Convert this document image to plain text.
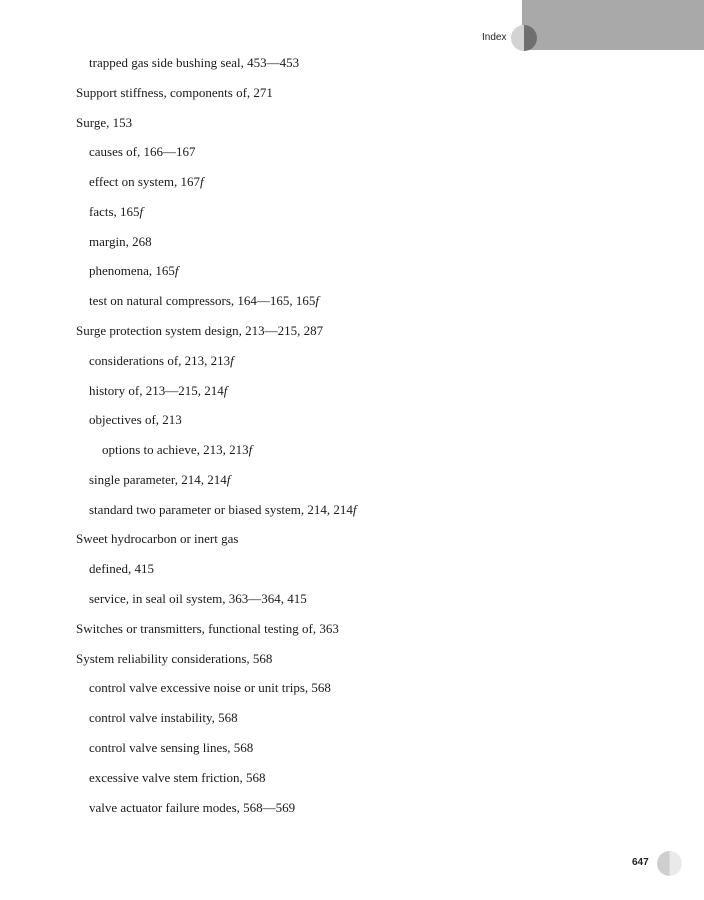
Index
trapped gas side bushing seal, 453—453
Support stiffness, components of, 271
Surge, 153
causes of, 166—167
effect on system, 167f
facts, 165f
margin, 268
phenomena, 165f
test on natural compressors, 164—165, 165f
Surge protection system design, 213—215, 287
considerations of, 213, 213f
history of, 213—215, 214f
objectives of, 213
options to achieve, 213, 213f
single parameter, 214, 214f
standard two parameter or biased system, 214, 214f
Sweet hydrocarbon or inert gas
defined, 415
service, in seal oil system, 363—364, 415
Switches or transmitters, functional testing of, 363
System reliability considerations, 568
control valve excessive noise or unit trips, 568
control valve instability, 568
control valve sensing lines, 568
excessive valve stem friction, 568
valve actuator failure modes, 568—569
647
